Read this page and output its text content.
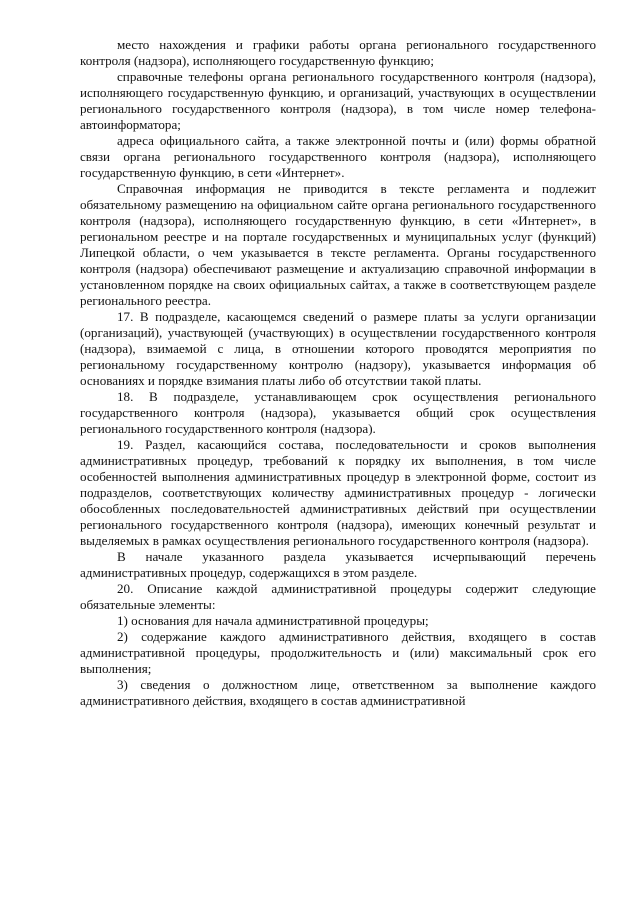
место нахождения и графики работы органа регионального государственного контроля (надзора), исполняющего государственную функцию;

справочные телефоны органа регионального государственного контроля (надзора), исполняющего государственную функцию, и организаций, участвующих в осуществлении регионального государственного контроля (надзора), в том числе номер телефона-автоинформатора;

адреса официального сайта, а также электронной почты и (или) формы обратной связи органа регионального государственного контроля (надзора), исполняющего государственную функцию, в сети «Интернет».

Справочная информация не приводится в тексте регламента и подлежит обязательному размещению на официальном сайте органа регионального государственного контроля (надзора), исполняющего государственную функцию, в сети «Интернет», в региональном реестре и на портале государственных и муниципальных услуг (функций) Липецкой области, о чем указывается в тексте регламента. Органы государственного контроля (надзора) обеспечивают размещение и актуализацию справочной информации в установленном порядке на своих официальных сайтах, а также в соответствующем разделе регионального реестра.

17. В подразделе, касающемся сведений о размере платы за услуги организации (организаций), участвующей (участвующих) в осуществлении государственного контроля (надзора), взимаемой с лица, в отношении которого проводятся мероприятия по региональному государственному контролю (надзору), указывается информация об основаниях и порядке взимания платы либо об отсутствии такой платы.

18. В подразделе, устанавливающем срок осуществления регионального государственного контроля (надзора), указывается общий срок осуществления регионального государственного контроля (надзора).

19. Раздел, касающийся состава, последовательности и сроков выполнения административных процедур, требований к порядку их выполнения, в том числе особенностей выполнения административных процедур в электронной форме, состоит из подразделов, соответствующих количеству административных процедур - логически обособленных последовательностей административных действий при осуществлении регионального государственного контроля (надзора), имеющих конечный результат и выделяемых в рамках осуществления регионального государственного контроля (надзора).

В начале указанного раздела указывается исчерпывающий перечень административных процедур, содержащихся в этом разделе.

20. Описание каждой административной процедуры содержит следующие обязательные элементы:

1) основания для начала административной процедуры;

2) содержание каждого административного действия, входящего в состав административной процедуры, продолжительность и (или) максимальный срок его выполнения;

3) сведения о должностном лице, ответственном за выполнение каждого административного действия, входящего в состав административной
